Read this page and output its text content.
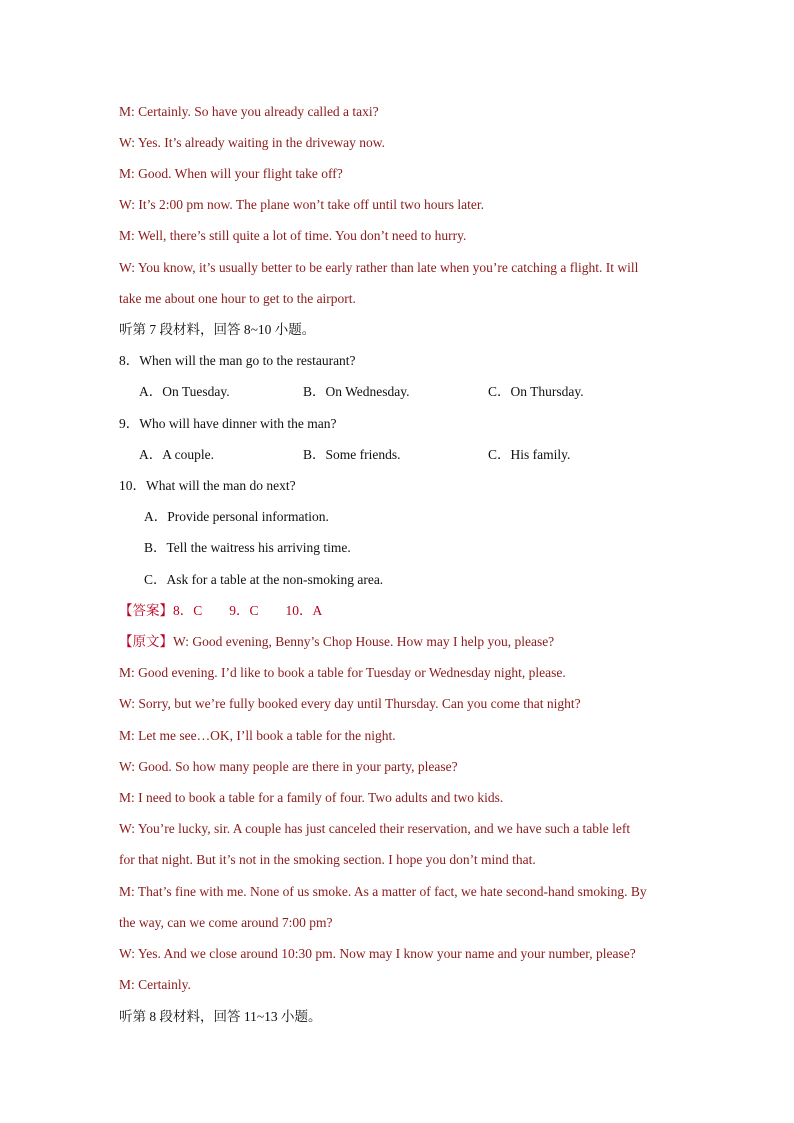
M: Certainly. So have you already called a taxi?
W: Yes. It’s already waiting in the driveway now.
M: Good. When will your flight take off?
W: It’s 2:00 pm now. The plane won’t take off until two hours later.
M: Well, there’s still quite a lot of time. You don’t need to hurry.
W: You know, it’s usually better to be early rather than late when you’re catching a flight. It will
take me about one hour to get to the airport.
听第 7 段材料，回答 8~10 小题。
8．When will the man go to the restaurant?
A．On Tuesday.	B．On Wednesday.	C．On Thursday.
9．Who will have dinner with the man?
A．A couple.	B．Some friends.	C．His family.
10．What will the man do next?
A．Provide personal information.
B．Tell the waitress his arriving time.
C．Ask for a table at the non-smoking area.
【答案】8．C        9．C        10．A
【原文】W: Good evening, Benny’s Chop House. How may I help you, please?
M: Good evening. I’d like to book a table for Tuesday or Wednesday night, please.
W: Sorry, but we’re fully booked every day until Thursday. Can you come that night?
M: Let me see…OK, I’ll book a table for the night.
W: Good. So how many people are there in your party, please?
M: I need to book a table for a family of four. Two adults and two kids.
W: You’re lucky, sir. A couple has just canceled their reservation, and we have such a table left
for that night. But it’s not in the smoking section. I hope you don’t mind that.
M: That’s fine with me. None of us smoke. As a matter of fact, we hate second-hand smoking. By
the way, can we come around 7:00 pm?
W: Yes. And we close around 10:30 pm. Now may I know your name and your number, please?
M: Certainly.
听第 8 段材料，回答 11~13 小题。
